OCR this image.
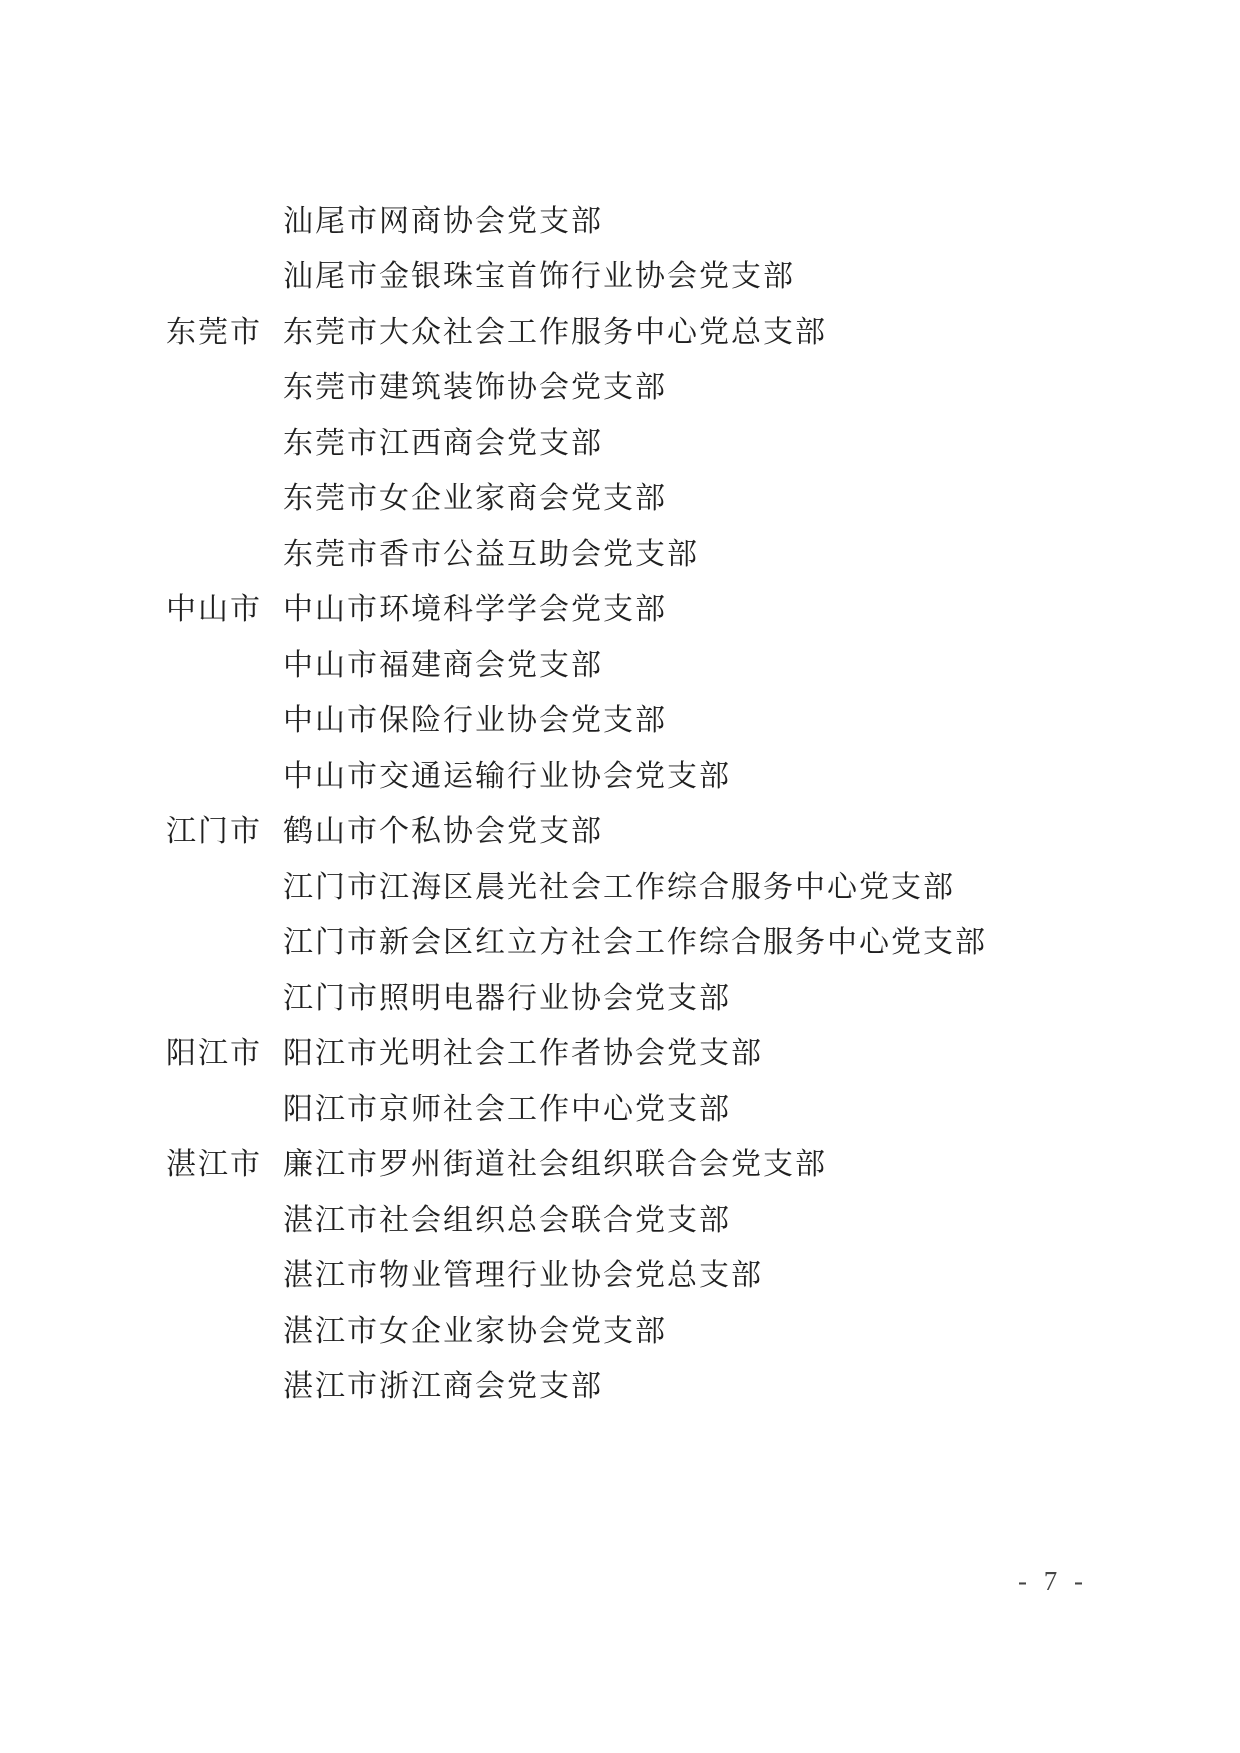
汕尾市网商协会党支部
汕尾市金银珠宝首饰行业协会党支部
东莞市 东莞市大众社会工作服务中心党总支部
东莞市建筑装饰协会党支部
东莞市江西商会党支部
东莞市女企业家商会党支部
东莞市香市公益互助会党支部
中山市 中山市环境科学学会党支部
中山市福建商会党支部
中山市保险行业协会党支部
中山市交通运输行业协会党支部
江门市 鹤山市个私协会党支部
江门市江海区晨光社会工作综合服务中心党支部
江门市新会区红立方社会工作综合服务中心党支部
江门市照明电器行业协会党支部
阳江市 阳江市光明社会工作者协会党支部
阳江市京师社会工作中心党支部
湛江市 廉江市罗州街道社会组织联合会党支部
湛江市社会组织总会联合党支部
湛江市物业管理行业协会党总支部
湛江市女企业家协会党支部
湛江市浙江商会党支部
- 7 -
